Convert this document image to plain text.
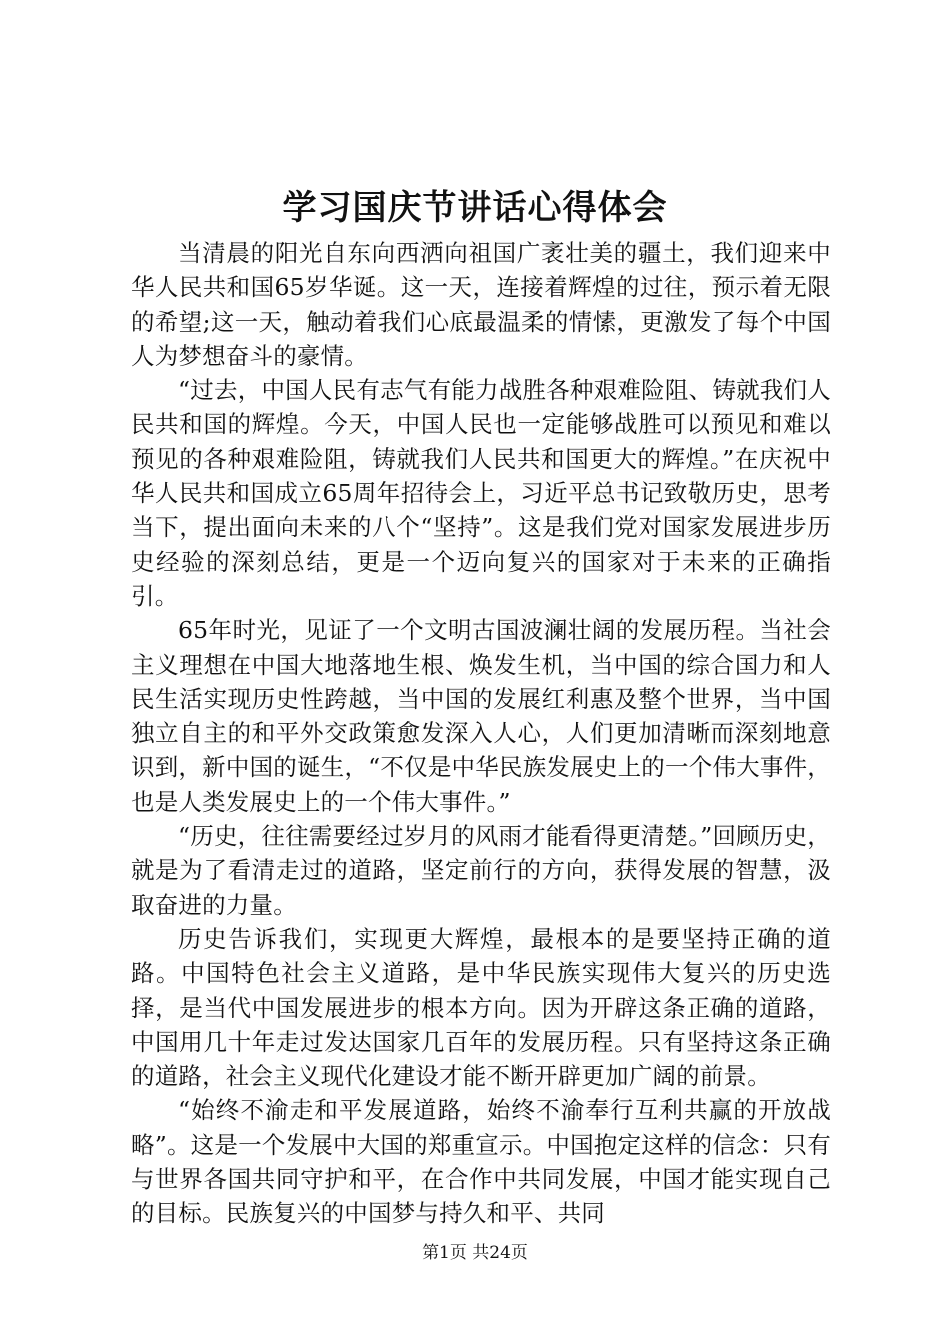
学习国庆节讲话心得体会

当清晨的阳光自东向西洒向祖国广袤壮美的疆土，我们迎来中华人民共和国65岁华诞。这一天，连接着辉煌的过往，预示着无限的希望;这一天，触动着我们心底最温柔的情愫，更激发了每个中国人为梦想奋斗的豪情。

“过去，中国人民有志气有能力战胜各种艰难险阻、铸就我们人民共和国的辉煌。今天，中国人民也一定能够战胜可以预见和难以预见的各种艰难险阻，铸就我们人民共和国更大的辉煌。”在庆祝中华人民共和国成立65周年招待会上，习近平总书记致敬历史，思考当下，提出面向未来的八个“坚持”。这是我们党对国家发展进步历史经验的深刻总结，更是一个迈向复兴的国家对于未来的正确指引。

65年时光，见证了一个文明古国波澜壮阔的发展历程。当社会主义理想在中国大地落地生根、焕发生机，当中国的综合国力和人民生活实现历史性跨越，当中国的发展红利惠及整个世界，当中国独立自主的和平外交政策愈发深入人心，人们更加清晰而深刻地意识到，新中国的诞生，“不仅是中华民族发展史上的一个伟大事件，也是人类发展史上的一个伟大事件。”

“历史，往往需要经过岁月的风雨才能看得更清楚。”回顾历史，就是为了看清走过的道路，坚定前行的方向，获得发展的智慧，汲取奋进的力量。

历史告诉我们，实现更大辉煌，最根本的是要坚持正确的道路。中国特色社会主义道路，是中华民族实现伟大复兴的历史选择，是当代中国发展进步的根本方向。因为开辟这条正确的道路，中国用几十年走过发达国家几百年的发展历程。只有坚持这条正确的道路，社会主义现代化建设才能不断开辟更加广阔的前景。

“始终不渝走和平发展道路，始终不渝奉行互利共赢的开放战略”。这是一个发展中大国的郑重宣示。中国抱定这样的信念：只有与世界各国共同守护和平，在合作中共同发展，中国才能实现自己的目标。民族复兴的中国梦与持久和平、共同

第1页 共24页
